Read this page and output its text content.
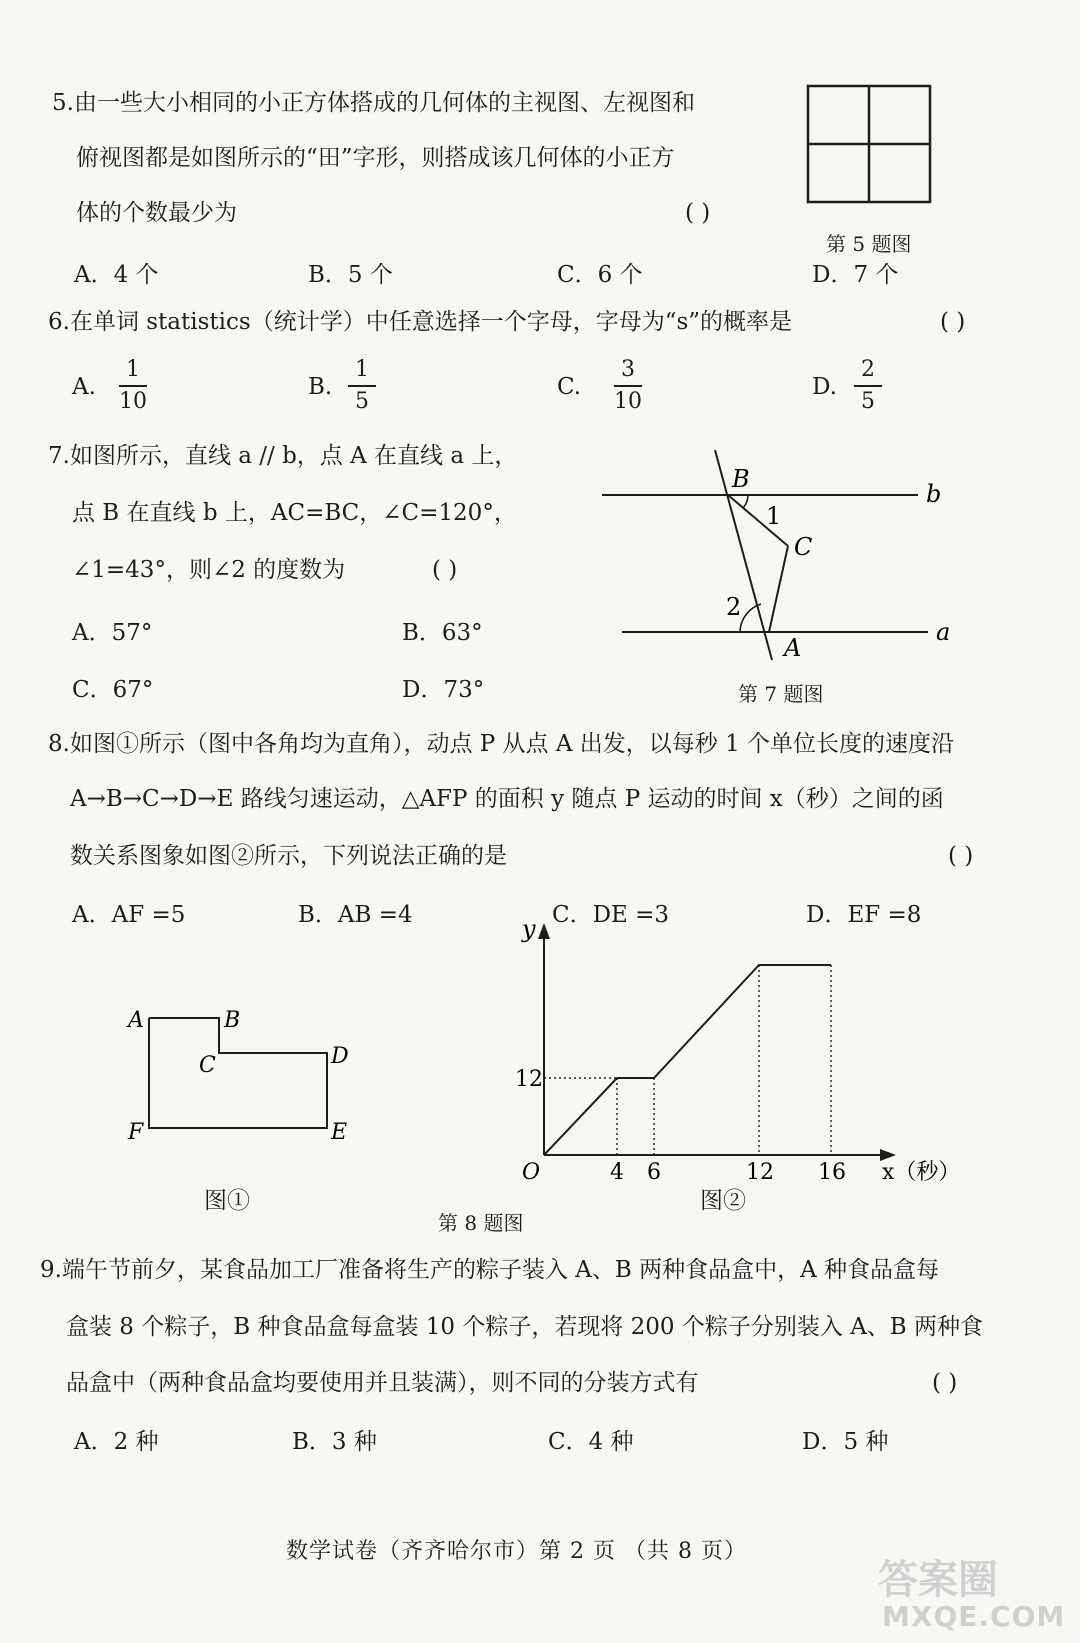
5.由一些大小相同的小正方体搭成的几何体的主视图、左视图和
俯视图都是如图所示的“田”字形，则搭成该几何体的小正方
体的个数最少为	( )
第 5 题图
A．4 个	B．5 个	C．6 个	D．7 个
6.在单词 statistics（统计学）中任意选择一个字母，字母为“s”的概率是	( )
A.
1
10
B.
1
5
C.
3
10
D.
2
5
7.如图所示，直线 a // b，点 A 在直线 a 上，
点 B 在直线 b 上，AC=BC，∠C=120°，
∠1=43°，则∠2 的度数为	( )
A．57°	B．63°
C．67°	D．73°
B
b
1
C
2
a
A
第 7 题图
8.如图①所示（图中各角均为直角），动点 P 从点 A 出发，以每秒 1 个单位长度的速度沿
A→B→C→D→E 路线匀速运动，△AFP 的面积 y 随点 P 运动的时间 x（秒）之间的函
数关系图象如图②所示，下列说法正确的是	( )
A．AF =5	B．AB =4	C．DE =3	D．EF =8
A	B
C	D
F	E
图①
y
12
O	4 6	12 16 x（秒）
图②
第 8 题图
9.端午节前夕，某食品加工厂准备将生产的粽子装入 A、B 两种食品盒中，A 种食品盒每
盒装 8 个粽子，B 种食品盒每盒装 10 个粽子，若现将 200 个粽子分别装入 A、B 两种食
品盒中（两种食品盒均要使用并且装满），则不同的分装方式有	( )
A．2 种	B．3 种	C．4 种	D．5 种
数学试卷（齐齐哈尔市）第 2 页 （共 8 页）
答案圈
MXQE.COM
